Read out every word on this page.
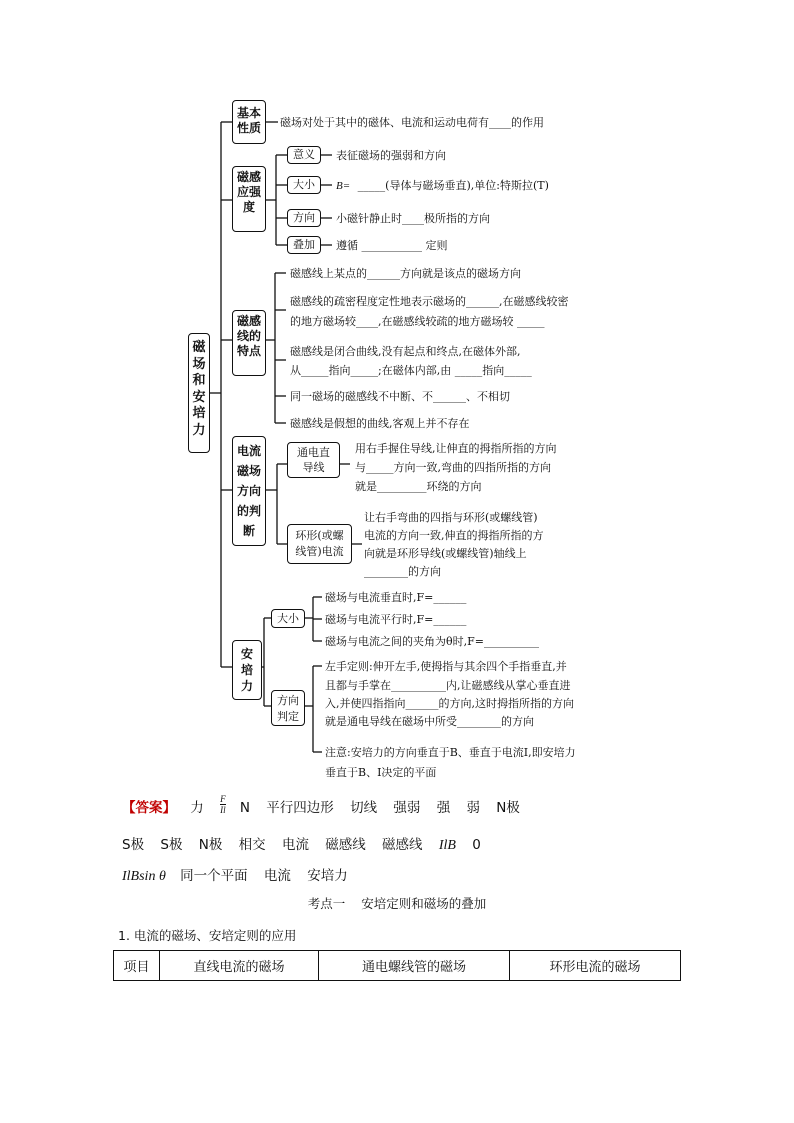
磁场和安培力
基本性质 磁场对处于其中的磁体、电流和运动电荷有____的作用
磁感应强度
意义	表征磁场的强弱和方向
大小	B= _____(导体与磁场垂直),单位:特斯拉(T)
方向	小磁针静止时____极所指的方向
叠加	遵循 ___________ 定则
磁感线的特点
磁感线上某点的______方向就是该点的磁场方向
磁感线的疏密程度定性地表示磁场的______,在磁感线较密
的地方磁场较____,在磁感线较疏的地方磁场较 _____
磁感线是闭合曲线,没有起点和终点,在磁体外部,
从_____指向_____;在磁体内部,由 _____指向_____
同一磁场的磁感线不中断、不______、不相切
磁感线是假想的曲线,客观上并不存在
电流磁场方向的判断
通电直导线
用右手握住导线,让伸直的拇指所指的方向
与_____方向一致,弯曲的四指所指的方向
就是_________环绕的方向
环形(或螺线管)电流
让右手弯曲的四指与环形(或螺线管)
电流的方向一致,伸直的拇指所指的方
向就是环形导线(或螺线管)轴线上
________的方向
安培力
大小
磁场与电流垂直时,F=______
磁场与电流平行时,F=______
磁场与电流之间的夹角为θ时,F=__________
方向判定
左手定则:伸开左手,使拇指与其余四个手指垂直,并
且都与手掌在__________内,让磁感线从掌心垂直进
入,并使四指指向______的方向,这时拇指所指的方向
就是通电导线在磁场中所受________的方向
注意:安培力的方向垂直于B、垂直于电流I,即安培力
垂直于B、I决定的平面
【答案】 力 $\frac{F}{Il}$ N 平行四边形 切线 强弱 强 弱 N极
S极 S极 N极 相交 电流 磁感线 磁感线 IlB 0
IlBsin θ 同一个平面 电流 安培力
考点一    安培定则和磁场的叠加
1. 电流的磁场、安培定则的应用
项目	直线电流的磁场	通电螺线管的磁场	环形电流的磁场
